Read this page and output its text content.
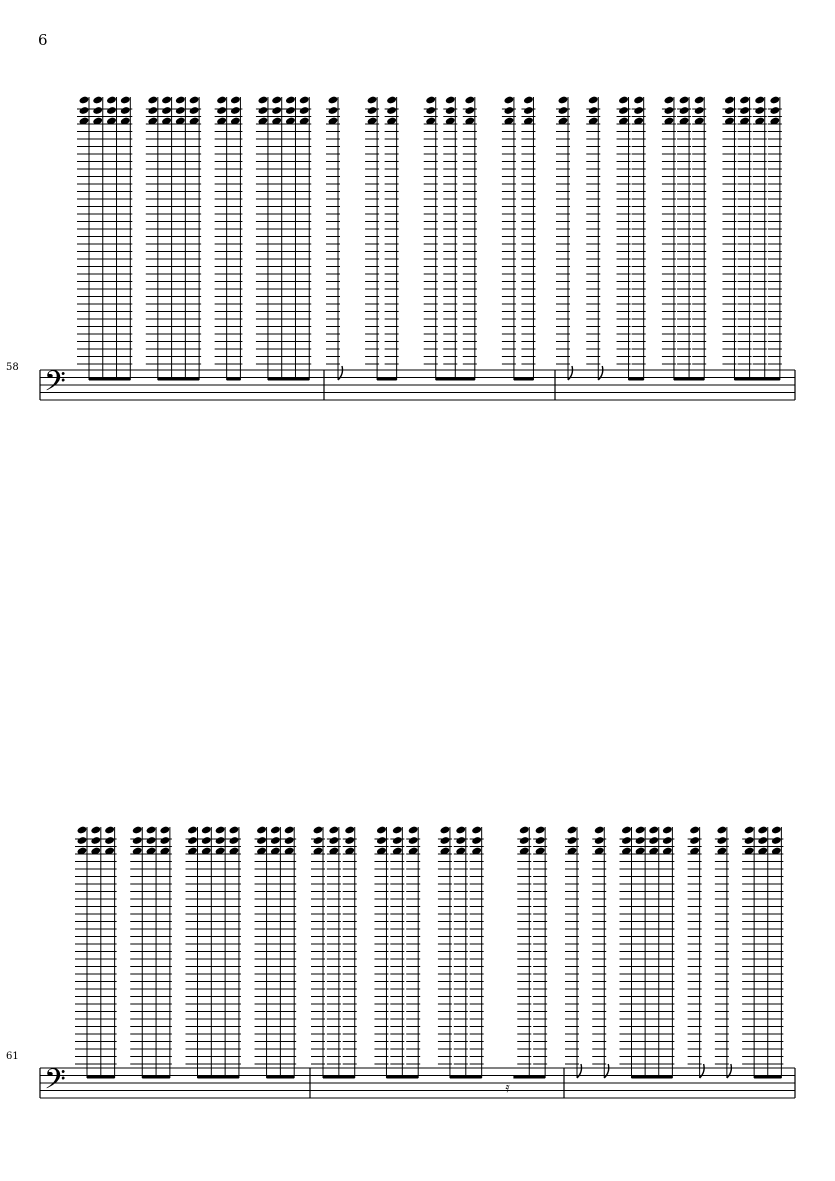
6
58 𝄢
61
𝄢	𝄿
